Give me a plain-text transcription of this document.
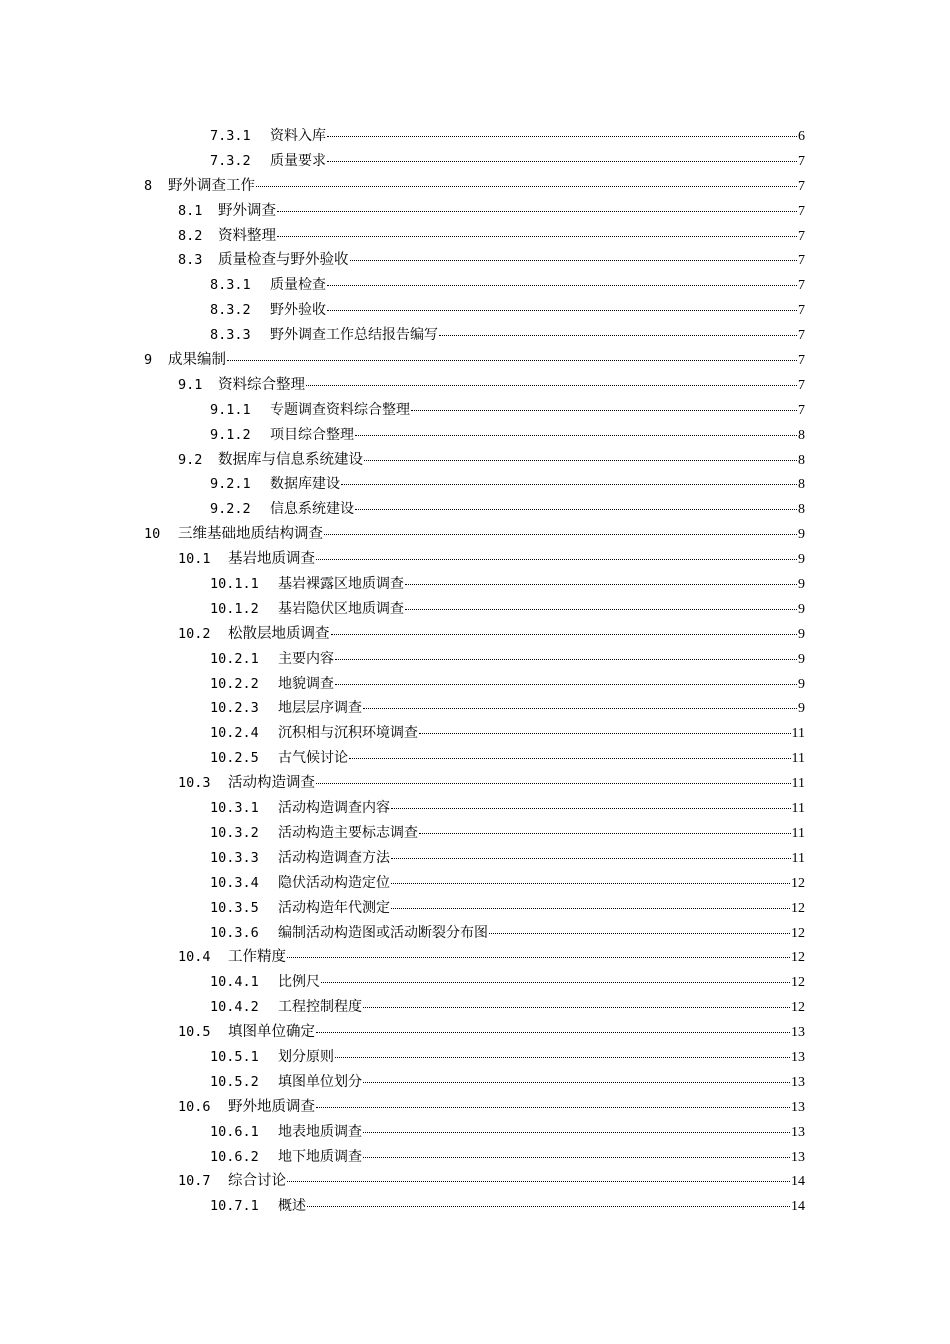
7.3.1	资料入库	6
7.3.2	质量要求	7
8	野外调查工作	7
8.1	野外调查	7
8.2	资料整理	7
8.3	质量检查与野外验收	7
8.3.1	质量检查	7
8.3.2	野外验收	7
8.3.3	野外调查工作总结报告编写	7
9	成果编制	7
9.1	资料综合整理	7
9.1.1	专题调查资料综合整理	7
9.1.2	项目综合整理	8
9.2	数据库与信息系统建设	8
9.2.1	数据库建设	8
9.2.2	信息系统建设	8
10	三维基础地质结构调查	9
10.1	基岩地质调查	9
10.1.1	基岩裸露区地质调查	9
10.1.2	基岩隐伏区地质调查	9
10.2	松散层地质调查	9
10.2.1	主要内容	9
10.2.2	地貌调查	9
10.2.3	地层层序调查	9
10.2.4	沉积相与沉积环境调查	11
10.2.5	古气候讨论	11
10.3	活动构造调查	11
10.3.1	活动构造调查内容	11
10.3.2	活动构造主要标志调查	11
10.3.3	活动构造调查方法	11
10.3.4	隐伏活动构造定位	12
10.3.5	活动构造年代测定	12
10.3.6	编制活动构造图或活动断裂分布图	12
10.4	工作精度	12
10.4.1	比例尺	12
10.4.2	工程控制程度	12
10.5	填图单位确定	13
10.5.1	划分原则	13
10.5.2	填图单位划分	13
10.6	野外地质调查	13
10.6.1	地表地质调查	13
10.6.2	地下地质调查	13
10.7	综合讨论	14
10.7.1	概述	14
